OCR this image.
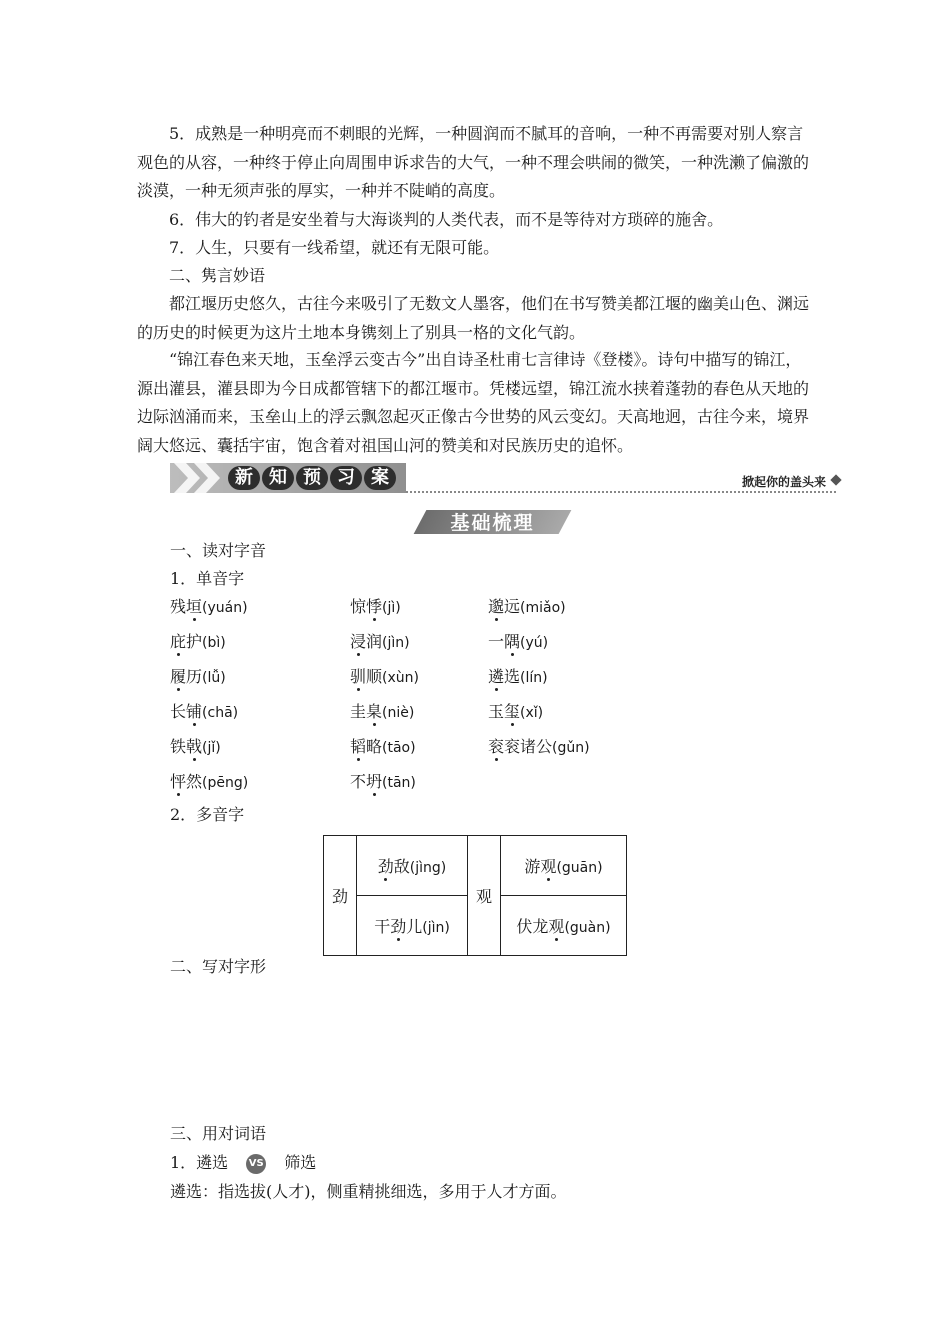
5．成熟是一种明亮而不刺眼的光辉，一种圆润而不腻耳的音响，一种不再需要对别人察言观色的从容，一种终于停止向周围申诉求告的大气，一种不理会哄闹的微笑，一种洗濑了偏激的淡漠，一种无须声张的厚实，一种并不陡峭的高度。

6．伟大的钓者是安坐着与大海谈判的人类代表，而不是等待对方琐碎的施舍。

7．人生，只要有一线希望，就还有无限可能。

二、隽言妙语

都江堰历史悠久，古往今来吸引了无数文人墨客，他们在书写赞美都江堰的幽美山色、渊远的历史的时候更为这片土地本身镌刻上了别具一格的文化气韵。

“锦江春色来天地，玉垒浮云变古今”出自诗圣杜甫七言律诗《登楼》。诗句中描写的锦江，源出灌县，灌县即为今日成都管辖下的都江堰市。凭楼远望，锦江流水挟着蓬勃的春色从天地的边际汹涌而来，玉垒山上的浮云飘忽起灭正像古今世势的风云变幻。天高地迥，古往今来，境界阔大悠远、囊括宇宙，饱含着对祖国山河的赞美和对民族历史的追怀。

新 知 预 习 案	掀起你的盖头来
基础梳理
一、读对字音
1．单音字
残垣(yuán)	惊悸(jì)	邈远(miǎo)
庇护(bì)	浸润(jìn)	一隅(yú)
履历(lǚ)	驯顺(xùn)	遴选(lín)
长铺(chā)	圭臬(niè)	玉玺(xǐ)
铁戟(jǐ)	韬略(tāo)	衮衮诸公(gǔn)
怦然(pēng)	不坍(tān)
2．多音字
劲	劲敌(jìng)	观	游观(guān)
	干劲儿(jìn)		伏龙观(guàn)
二、写对字形
三、用对词语
1．遴选 VS 筛选
遴选：指选拔(人才)，侧重精挑细选，多用于人才方面。
